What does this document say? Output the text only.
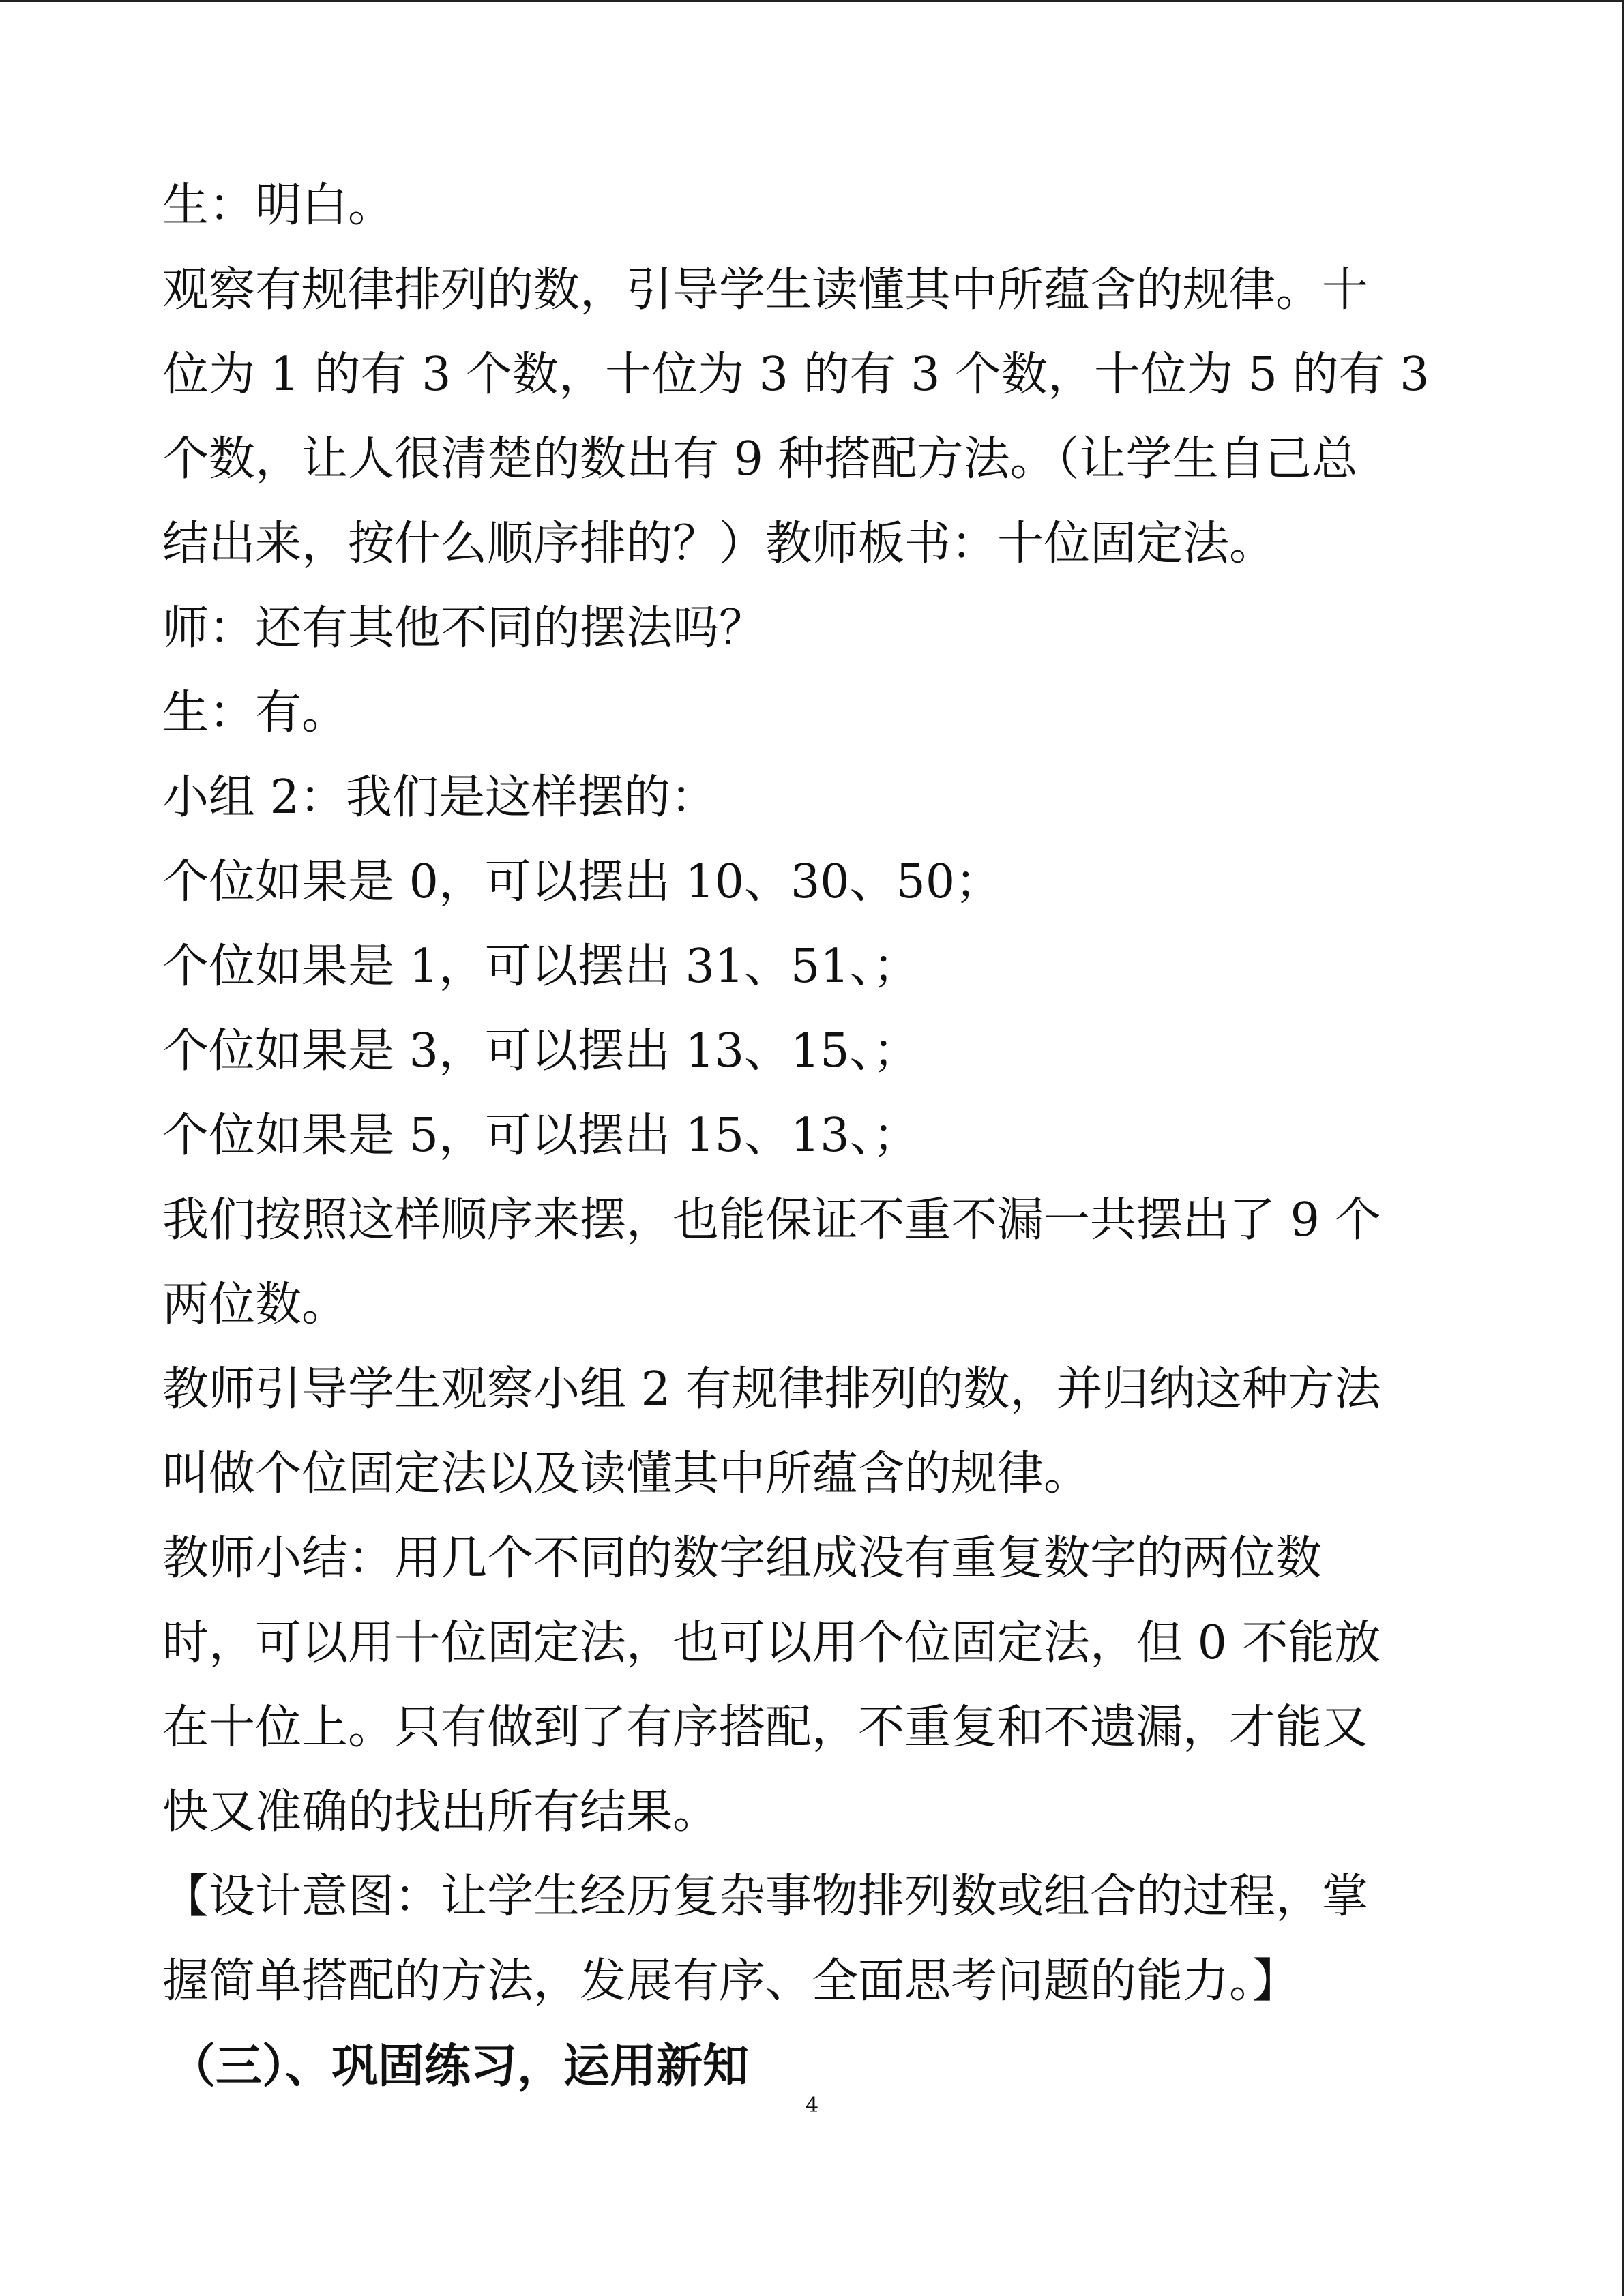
生：明白。
观察有规律排列的数，引导学生读懂其中所蕴含的规律。十
位为 1 的有 3 个数，十位为 3 的有 3 个数，十位为 5 的有 3
个数，让人很清楚的数出有 9 种搭配方法。（让学生自己总
结出来，按什么顺序排的？）教师板书：十位固定法。
师：还有其他不同的摆法吗？
生：有。
小组 2：我们是这样摆的：
个位如果是 0，可以摆出 10、30、50；
个位如果是 1，可以摆出 31、51、；
个位如果是 3，可以摆出 13、15、；
个位如果是 5，可以摆出 15、13、；
我们按照这样顺序来摆，也能保证不重不漏一共摆出了 9 个
两位数。
教师引导学生观察小组 2 有规律排列的数，并归纳这种方法
叫做个位固定法以及读懂其中所蕴含的规律。
教师小结：用几个不同的数字组成没有重复数字的两位数
时，可以用十位固定法，也可以用个位固定法，但 0 不能放
在十位上。只有做到了有序搭配，不重复和不遗漏，才能又
快又准确的找出所有结果。
【设计意图：让学生经历复杂事物排列数或组合的过程，掌
握简单搭配的方法，发展有序、全面思考问题的能力。】
（三）、巩固练习，运用新知
4
